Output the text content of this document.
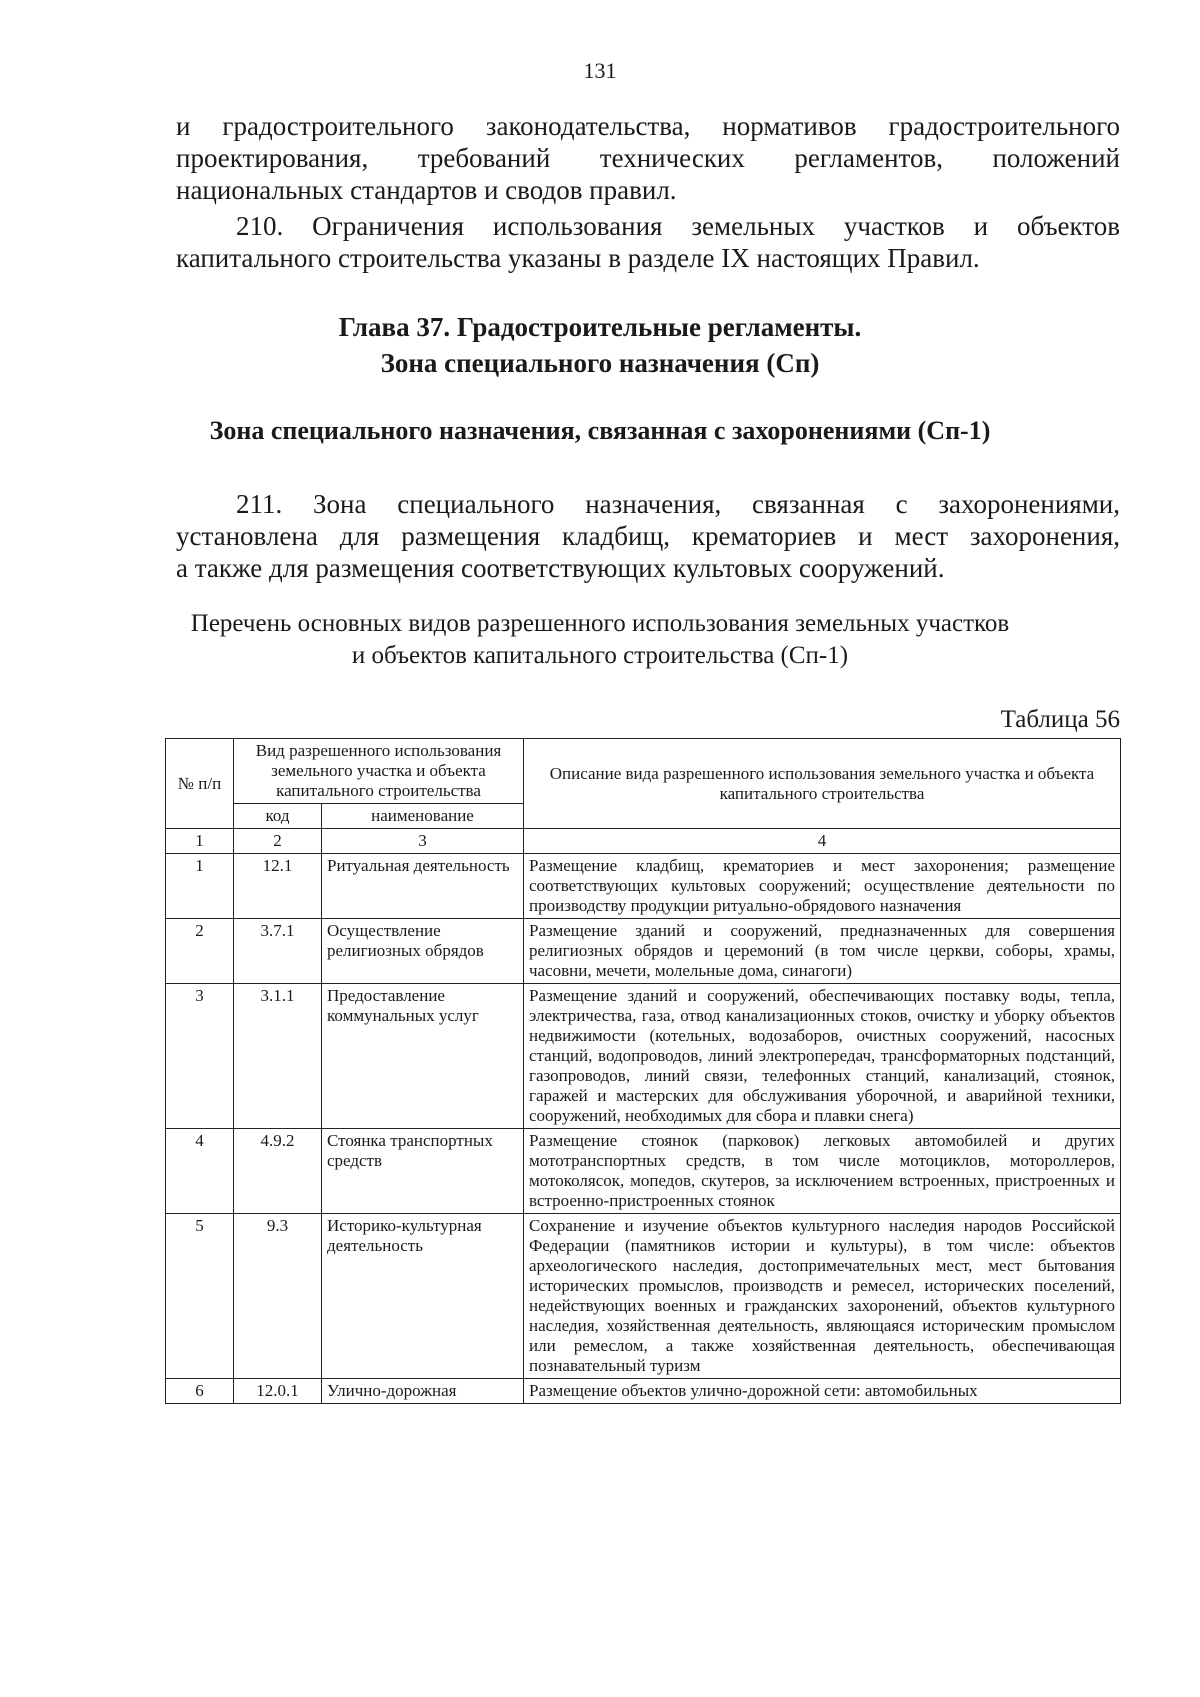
131
и градостроительного законодательства, нормативов градостроительного
проектирования, требований технических регламентов, положений
национальных стандартов и сводов правил.
210. Ограничения использования земельных участков и объектов
капитального строительства указаны в разделе IX настоящих Правил.
Глава 37. Градостроительные регламенты.
Зона специального назначения (Сп)
Зона специального назначения, связанная с захоронениями (Сп-1)
211. Зона специального назначения, связанная с захоронениями,
установлена для размещения кладбищ, крематориев и мест захоронения,
а также для размещения соответствующих культовых сооружений.
Перечень основных видов разрешенного использования земельных участков
и объектов капитального строительства (Сп-1)
Таблица 56
№ п/п	Вид разрешенного использования земельного участка и объекта капитального строительства		Описание вида разрешенного использования земельного участка и объекта капитального строительства
	код	наименование	
1	2	3	4
1	12.1	Ритуальная деятельность	Размещение кладбищ, крематориев и мест захоронения; размещение соответствующих культовых сооружений; осуществление деятельности по производству продукции ритуально-обрядового назначения
2	3.7.1	Осуществление религиозных обрядов	Размещение зданий и сооружений, предназначенных для совершения религиозных обрядов и церемоний (в том числе церкви, соборы, храмы, часовни, мечети, молельные дома, синагоги)
3	3.1.1	Предоставление коммунальных услуг	Размещение зданий и сооружений, обеспечивающих поставку воды, тепла, электричества, газа, отвод канализационных стоков, очистку и уборку объектов недвижимости (котельных, водозаборов, очистных сооружений, насосных станций, водопроводов, линий электропередач, трансформаторных подстанций, газопроводов, линий связи, телефонных станций, канализаций, стоянок, гаражей и мастерских для обслуживания уборочной, и аварийной техники, сооружений, необходимых для сбора и плавки снега)
4	4.9.2	Стоянка транспортных средств	Размещение стоянок (парковок) легковых автомобилей и других мототранспортных средств, в том числе мотоциклов, мотороллеров, мотоколясок, мопедов, скутеров, за исключением встроенных, пристроенных и встроенно-пристроенных стоянок
5	9.3	Историко-культурная деятельность	Сохранение и изучение объектов культурного наследия народов Российской Федерации (памятников истории и культуры), в том числе: объектов археологического наследия, достопримечательных мест, мест бытования исторических промыслов, производств и ремесел, исторических поселений, недействующих военных и гражданских захоронений, объектов культурного наследия, хозяйственная деятельность, являющаяся историческим промыслом или ремеслом, а также хозяйственная деятельность, обеспечивающая познавательный туризм
6	12.0.1	Улично-дорожная	Размещение объектов улично-дорожной сети: автомобильных
